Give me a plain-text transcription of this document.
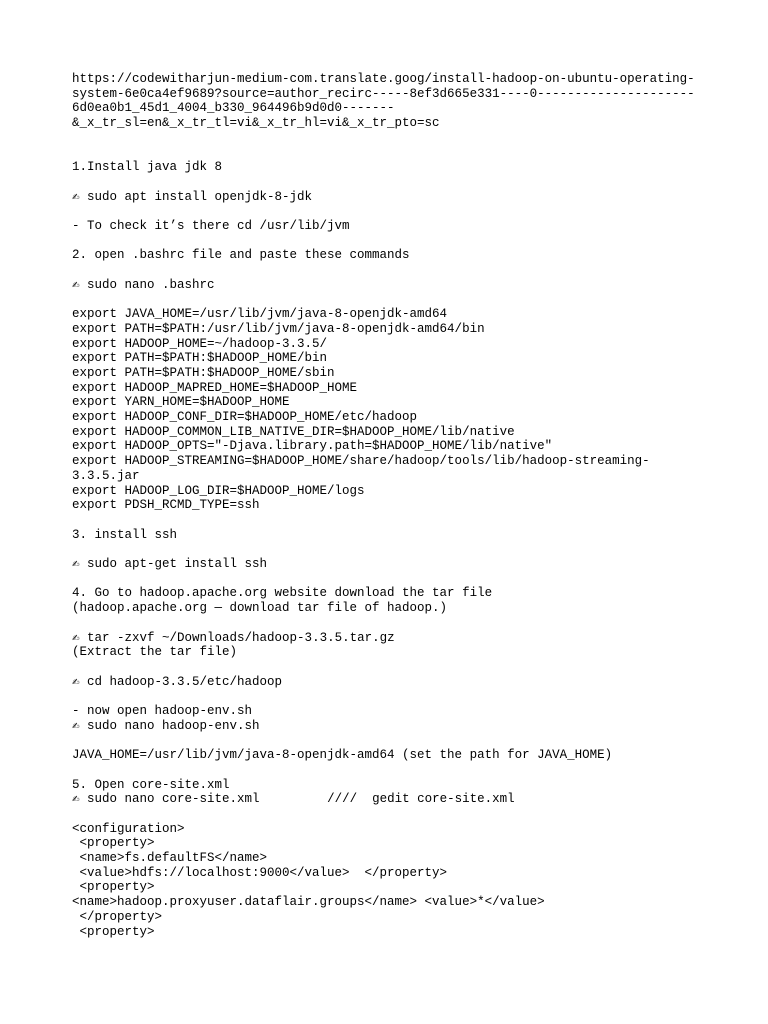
https://codewitharjun-medium-com.translate.goog/install-hadoop-on-ubuntu-operating-
system-6e0ca4ef9689?source=author_recirc-----8ef3d665e331----0---------------------
6d0ea0b1_45d1_4004_b330_964496b9d0d0-------
&_x_tr_sl=en&_x_tr_tl=vi&_x_tr_hl=vi&_x_tr_pto=sc
1.Install java jdk 8
✍ sudo apt install openjdk-8-jdk
- To check it’s there cd /usr/lib/jvm
2. open .bashrc file and paste these commands
✍ sudo nano .bashrc
export JAVA_HOME=/usr/lib/jvm/java-8-openjdk-amd64
export PATH=$PATH:/usr/lib/jvm/java-8-openjdk-amd64/bin
export HADOOP_HOME=~/hadoop-3.3.5/
export PATH=$PATH:$HADOOP_HOME/bin
export PATH=$PATH:$HADOOP_HOME/sbin
export HADOOP_MAPRED_HOME=$HADOOP_HOME
export YARN_HOME=$HADOOP_HOME
export HADOOP_CONF_DIR=$HADOOP_HOME/etc/hadoop
export HADOOP_COMMON_LIB_NATIVE_DIR=$HADOOP_HOME/lib/native
export HADOOP_OPTS="-Djava.library.path=$HADOOP_HOME/lib/native"
export HADOOP_STREAMING=$HADOOP_HOME/share/hadoop/tools/lib/hadoop-streaming-
3.3.5.jar
export HADOOP_LOG_DIR=$HADOOP_HOME/logs
export PDSH_RCMD_TYPE=ssh
3. install ssh
✍ sudo apt-get install ssh
4. Go to hadoop.apache.org website download the tar file
(hadoop.apache.org — download tar file of hadoop.)
✍ tar -zxvf ~/Downloads/hadoop-3.3.5.tar.gz
(Extract the tar file)
✍ cd hadoop-3.3.5/etc/hadoop
- now open hadoop-env.sh
✍ sudo nano hadoop-env.sh
JAVA_HOME=/usr/lib/jvm/java-8-openjdk-amd64 (set the path for JAVA_HOME)
5. Open core-site.xml
✍ sudo nano core-site.xml         ////  gedit core-site.xml
<configuration>
<property>
<name>fs.defaultFS</name>
<value>hdfs://localhost:9000</value>  </property>
<property>
<name>hadoop.proxyuser.dataflair.groups</name> <value>*</value>
</property>
<property>
